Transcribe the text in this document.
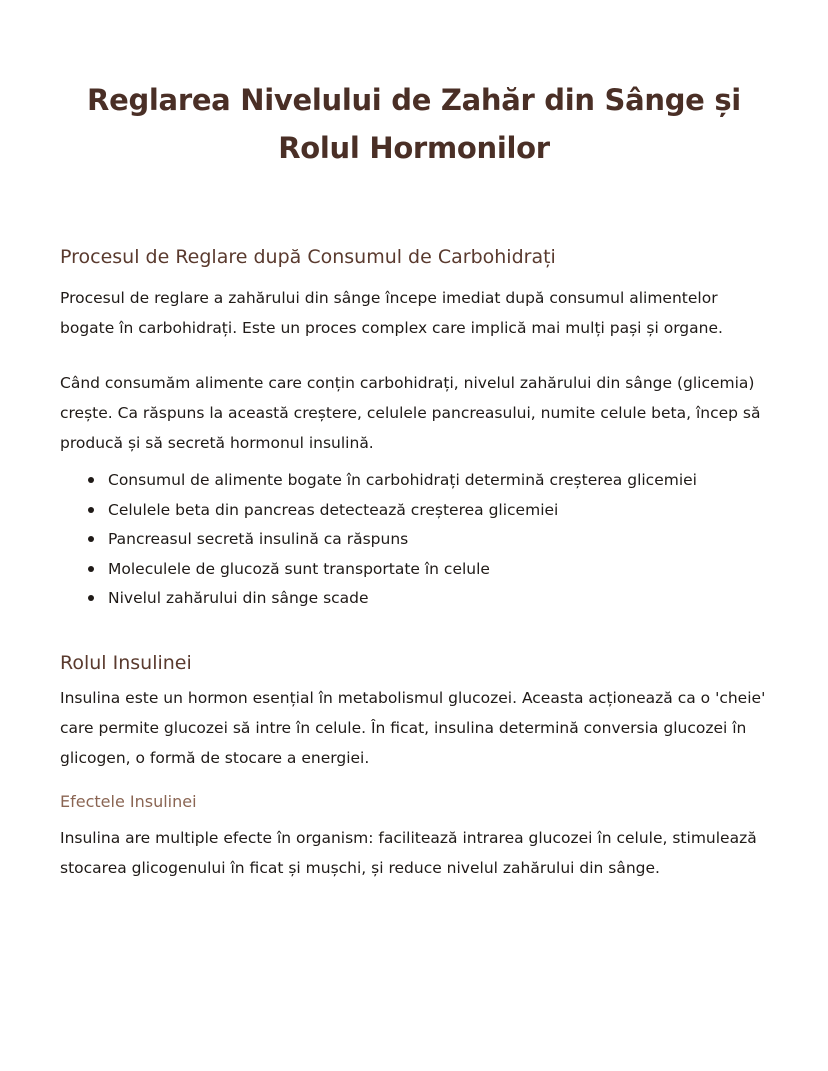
Reglarea Nivelului de Zahăr din Sânge și Rolul Hormonilor
Procesul de Reglare după Consumul de Carbohidrați

Procesul de reglare a zahărului din sânge începe imediat după consumul alimentelor bogate în carbohidrați. Este un proces complex care implică mai mulți pași și organe.

Când consumăm alimente care conțin carbohidrați, nivelul zahărului din sânge (glicemia) crește. Ca răspuns la această creștere, celulele pancreasului, numite celule beta, încep să producă și să secretă hormonul insulină.

Consumul de alimente bogate în carbohidrați determină creșterea glicemiei
Celulele beta din pancreas detectează creșterea glicemiei
Pancreasul secretă insulină ca răspuns
Moleculele de glucoză sunt transportate în celule
Nivelul zahărului din sânge scade
Rolul Insulinei

Insulina este un hormon esențial în metabolismul glucozei. Aceasta acționează ca o 'cheie' care permite glucozei să intre în celule. În ficat, insulina determină conversia glucozei în glicogen, o formă de stocare a energiei.

Efectele Insulinei

Insulina are multiple efecte în organism: facilitează intrarea glucozei în celule, stimulează stocarea glicogenului în ficat și mușchi, și reduce nivelul zahărului din sânge.
